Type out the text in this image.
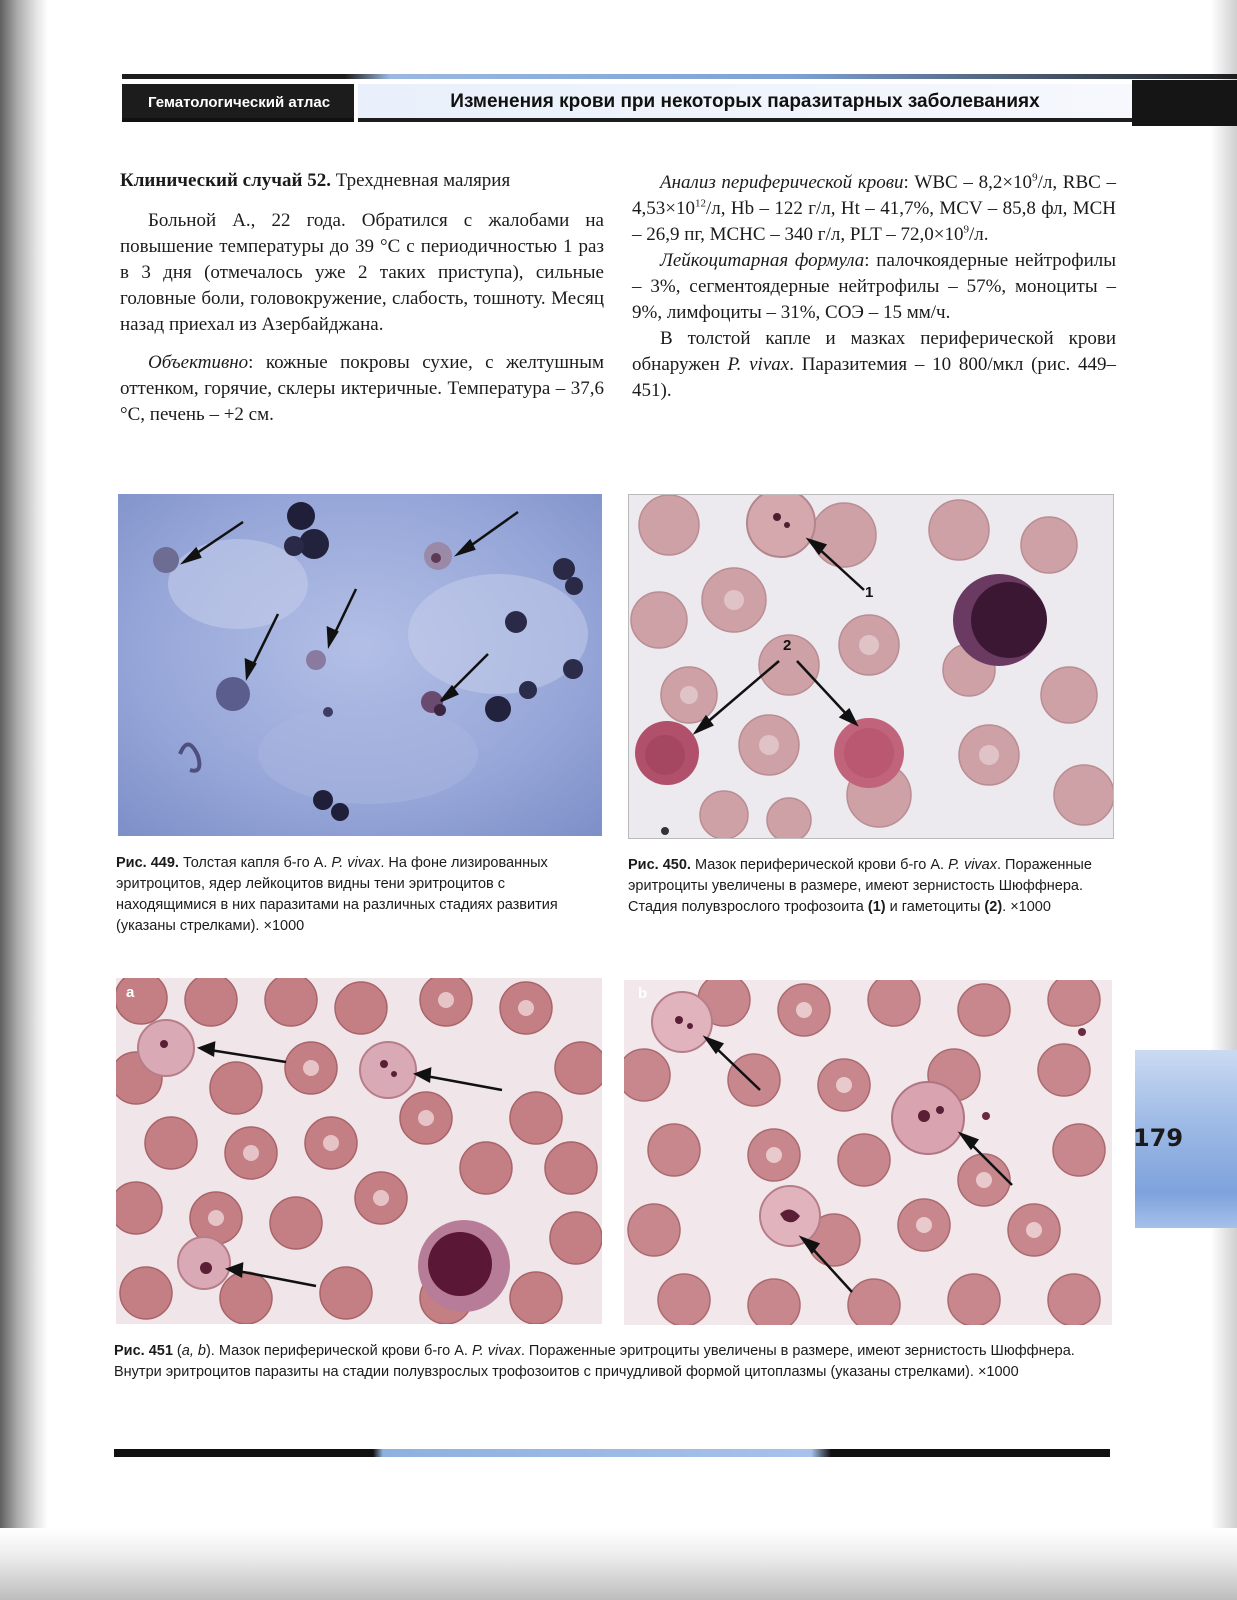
Гематологический атлас	Изменения крови при некоторых паразитарных заболеваниях

Клинический случай 52. Трехдневная малярия

Больной А., 22 года. Обратился с жалобами на повышение температуры до 39 °С с периодичностью 1 раз в 3 дня (отмечалось уже 2 таких приступа), сильные головные боли, головокружение, слабость, тошноту. Месяц назад приехал из Азербайджана.

Объективно: кожные покровы сухие, с желтушным оттенком, горячие, склеры иктеричные. Температура – 37,6 °С, печень – +2 см.

Анализ периферической крови: WBC – $8,2\times 10^9/л$, RBC – $4,53\times 10^{12}/л$, Hb – 122 г/л, Ht – 41,7%, MCV – 85,8 фл, MCH – 26,9 пг, MCHC – 340 г/л, PLT – $72,0\times 10^9/л$.

Лейкоцитарная формула: палочкоядерные нейтрофилы – 3%, сегментоядерные нейтрофилы – 57%, моноциты – 9%, лимфоциты – 31%, СОЭ – 15 мм/ч.

В толстой капле и мазках периферической крови обнаружен P. vivax. Паразитемия – 10 800/мкл (рис. 449–451).

Рис. 449. Толстая капля б-го А. P. vivax. На фоне лизированных эритроцитов, ядер лейкоцитов видны тени эритроцитов с находящимися в них паразитами на различных стадиях развития (указаны стрелками). ×1000
1
2
Рис. 450. Мазок периферической крови б-го А. P. vivax. Пораженные эритроциты увеличены в размере, имеют зернистость Шюффнера. Стадия полувзрослого трофозоита (1) и гаметоциты (2). ×1000
a	b
Рис. 451 (a, b). Мазок периферической крови б-го А. P. vivax. Пораженные эритроциты увеличены в размере, имеют зернистость Шюффнера. Внутри эритроцитов паразиты на стадии полувзрослых трофозоитов с причудливой формой цитоплазмы (указаны стрелками). ×1000
179
